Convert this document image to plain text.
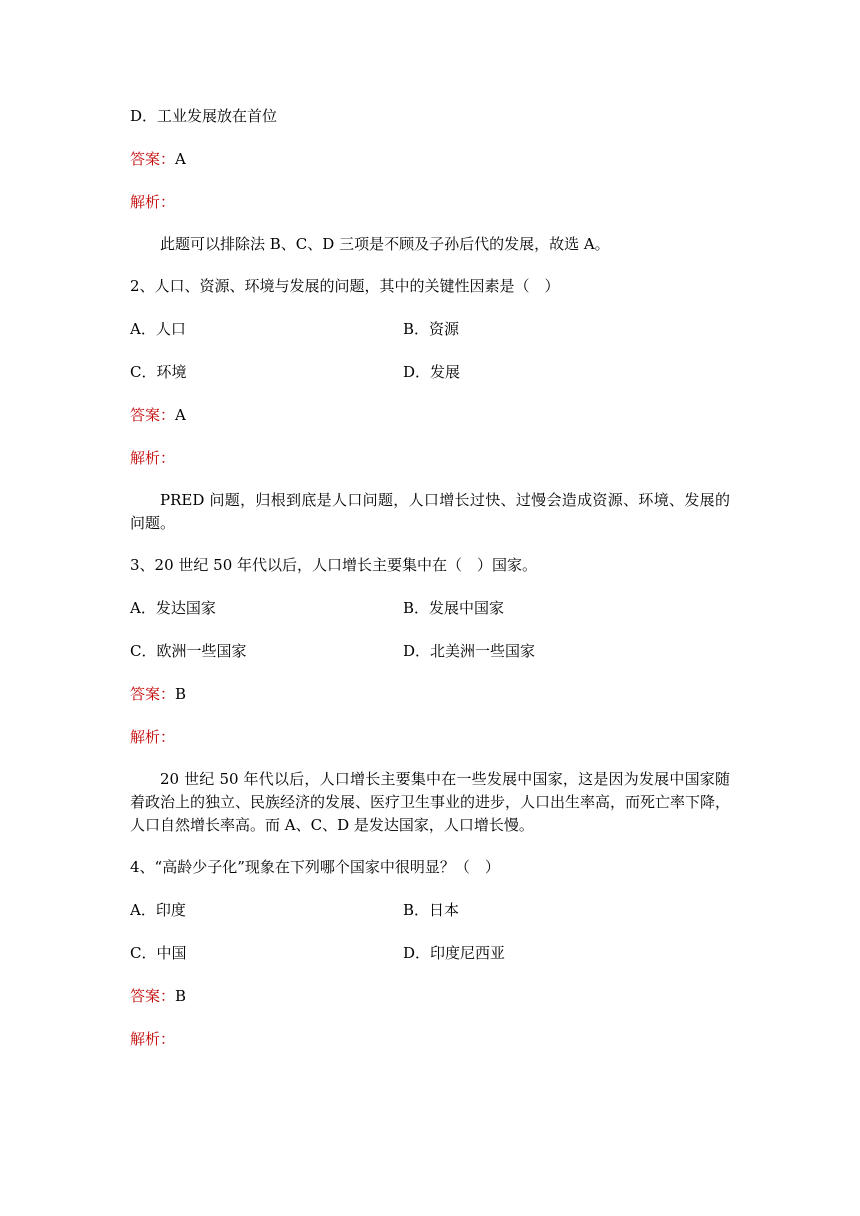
D．工业发展放在首位
答案：A
解析：
此题可以排除法 B、C、D 三项是不顾及子孙后代的发展，故选 A。
2、人口、资源、环境与发展的问题，其中的关键性因素是（　）
A．人口	B．资源
C．环境	D．发展
答案：A
解析：
PRED 问题，归根到底是人口问题，人口增长过快、过慢会造成资源、环境、发展的问题。
3、20 世纪 50 年代以后，人口增长主要集中在（　）国家。
A．发达国家	B．发展中国家
C．欧洲一些国家	D．北美洲一些国家
答案：B
解析：
20 世纪 50 年代以后，人口增长主要集中在一些发展中国家，这是因为发展中国家随着政治上的独立、民族经济的发展、医疗卫生事业的进步，人口出生率高，而死亡率下降，人口自然增长率高。而 A、C、D 是发达国家，人口增长慢。
4、“高龄少子化”现象在下列哪个国家中很明显？（　）
A．印度	B．日本
C．中国	D．印度尼西亚
答案：B
解析：
